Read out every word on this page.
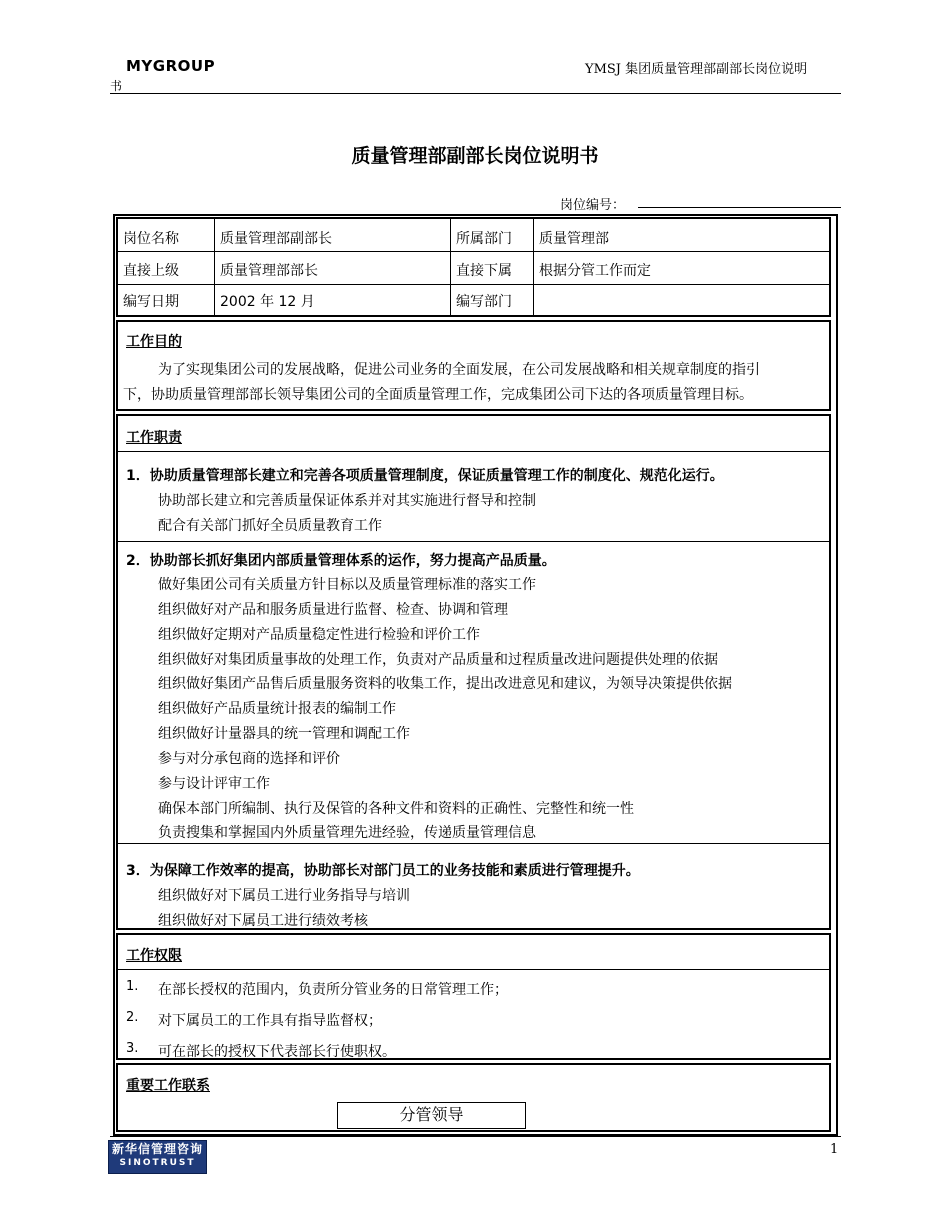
MYGROUP	YMSJ 集团质量管理部副部长岗位说明
书
质量管理部副部长岗位说明书
岗位编号：
岗位名称	质量管理部副部长	所属部门 质量管理部
直接上级	质量管理部部长	直接下属 根据分管工作而定
编写日期	2002 年 12 月	编写部门
工作目的
为了实现集团公司的发展战略，促进公司业务的全面发展，在公司发展战略和相关规章制度的指引
下，协助质量管理部部长领导集团公司的全面质量管理工作，完成集团公司下达的各项质量管理目标。
工作职责
1．协助质量管理部长建立和完善各项质量管理制度，保证质量管理工作的制度化、规范化运行。
协助部长建立和完善质量保证体系并对其实施进行督导和控制
配合有关部门抓好全员质量教育工作
2．协助部长抓好集团内部质量管理体系的运作，努力提高产品质量。
做好集团公司有关质量方针目标以及质量管理标准的落实工作
组织做好对产品和服务质量进行监督、检查、协调和管理
组织做好定期对产品质量稳定性进行检验和评价工作
组织做好对集团质量事故的处理工作，负责对产品质量和过程质量改进问题提供处理的依据
组织做好集团产品售后质量服务资料的收集工作，提出改进意见和建议，为领导决策提供依据
组织做好产品质量统计报表的编制工作
组织做好计量器具的统一管理和调配工作
参与对分承包商的选择和评价
参与设计评审工作
确保本部门所编制、执行及保管的各种文件和资料的正确性、完整性和统一性
负责搜集和掌握国内外质量管理先进经验，传递质量管理信息
3．为保障工作效率的提高，协助部长对部门员工的业务技能和素质进行管理提升。
组织做好对下属员工进行业务指导与培训
组织做好对下属员工进行绩效考核
工作权限
1. 在部长授权的范围内，负责所分管业务的日常管理工作；
2. 对下属员工的工作具有指导监督权；
3. 可在部长的授权下代表部长行使职权。
重要工作联系
分管领导
新华信管理咨询
SINOTRUST
1
